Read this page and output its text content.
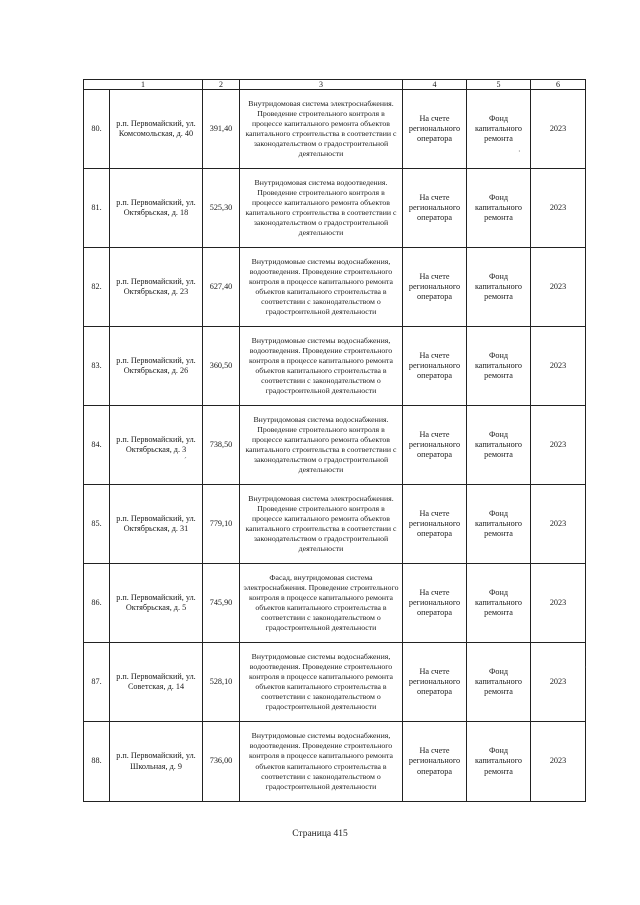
1		2	3	4	5	6
80.	р.п. Первомайский, ул. Комсомольская, д. 40	391,40	Внутридомовая система электроснабжения. Проведение строительного контроля в процессе капитального ремонта объектов капитального строительства в соответствии с законодательством о градостроительной деятельности	На счете регионального оператора	Фонд капитального ремонта	2023
81.	р.п. Первомайский, ул. Октябрьская, д. 18	525,30	Внутридомовая система водоотведения. Проведение строительного контроля в процессе капитального ремонта объектов капитального строительства в соответствии с законодательством о градостроительной деятельности	На счете регионального оператора	Фонд капитального ремонта	2023
82.	р.п. Первомайский, ул. Октябрьская, д. 23	627,40	Внутридомовые системы водоснабжения, водоотведения. Проведение строительного контроля в процессе капитального ремонта объектов капитального строительства в соответствии с законодательством о градостроительной деятельности	На счете регионального оператора	Фонд капитального ремонта	2023
83.	р.п. Первомайский, ул. Октябрьская, д. 26	360,50	Внутридомовые системы водоснабжения, водоотведения. Проведение строительного контроля в процессе капитального ремонта объектов капитального строительства в соответствии с законодательством о градостроительной деятельности	На счете регионального оператора	Фонд капитального ремонта	2023
84.	р.п. Первомайский, ул. Октябрьская, д. 3	738,50	Внутридомовая система водоснабжения. Проведение строительного контроля в процессе капитального ремонта объектов капитального строительства в соответствии с законодательством о градостроительной деятельности	На счете регионального оператора	Фонд капитального ремонта	2023
85.	р.п. Первомайский, ул. Октябрьская, д. 31	779,10	Внутридомовая система электроснабжения. Проведение строительного контроля в процессе капитального ремонта объектов капитального строительства в соответствии с законодательством о градостроительной деятельности	На счете регионального оператора	Фонд капитального ремонта	2023
86.	р.п. Первомайский, ул. Октябрьская, д. 5	745,90	Фасад, внутридомовая система электроснабжения. Проведение строительного контроля в процессе капитального ремонта объектов капитального строительства в соответствии с законодательством о градостроительной деятельности	На счете регионального оператора	Фонд капитального ремонта	2023
87.	р.п. Первомайский, ул. Советская, д. 14	528,10	Внутридомовые системы водоснабжения, водоотведения. Проведение строительного контроля в процессе капитального ремонта объектов капитального строительства в соответствии с законодательством о градостроительной деятельности	На счете регионального оператора	Фонд капитального ремонта	2023
88.	р.п. Первомайский, ул. Школьная, д. 9	736,00	Внутридомовые системы водоснабжения, водоотведения. Проведение строительного контроля в процессе капитального ремонта объектов капитального строительства в соответствии с законодательством о градостроительной деятельности	На счете регионального оператора	Фонд капитального ремонта	2023
·
´
·
Страница 415
